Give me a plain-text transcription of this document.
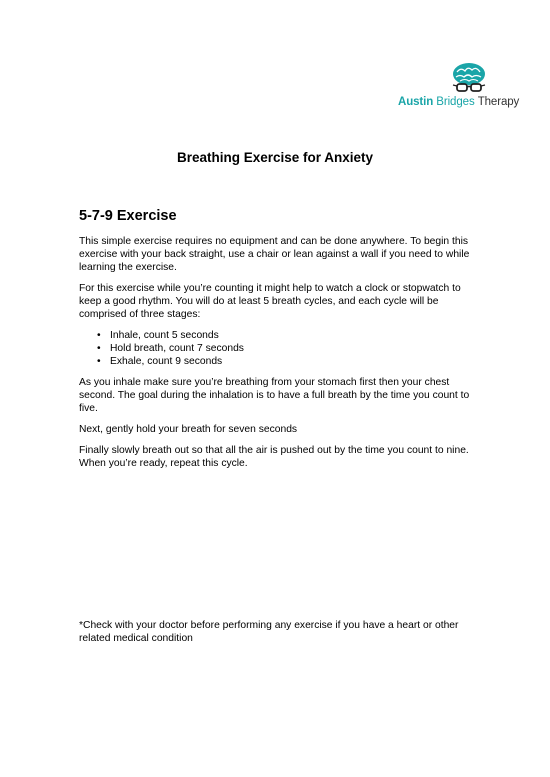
Austin Bridges Therapy
Breathing Exercise for Anxiety
5-7-9 Exercise

This simple exercise requires no equipment and can be done anywhere. To begin this exercise with your back straight, use a chair or lean against a wall if you need to while learning the exercise.

For this exercise while you’re counting it might help to watch a clock or stopwatch to keep a good rhythm. You will do at least 5 breath cycles, and each cycle will be comprised of three stages:

• Inhale, count 5 seconds
• Hold breath, count 7 seconds
• Exhale, count 9 seconds

As you inhale make sure you’re breathing from your stomach first then your chest second. The goal during the inhalation is to have a full breath by the time you count to five.

Next, gently hold your breath for seven seconds

Finally slowly breath out so that all the air is pushed out by the time you count to nine. When you’re ready, repeat this cycle.

*Check with your doctor before performing any exercise if you have a heart or other related medical condition
